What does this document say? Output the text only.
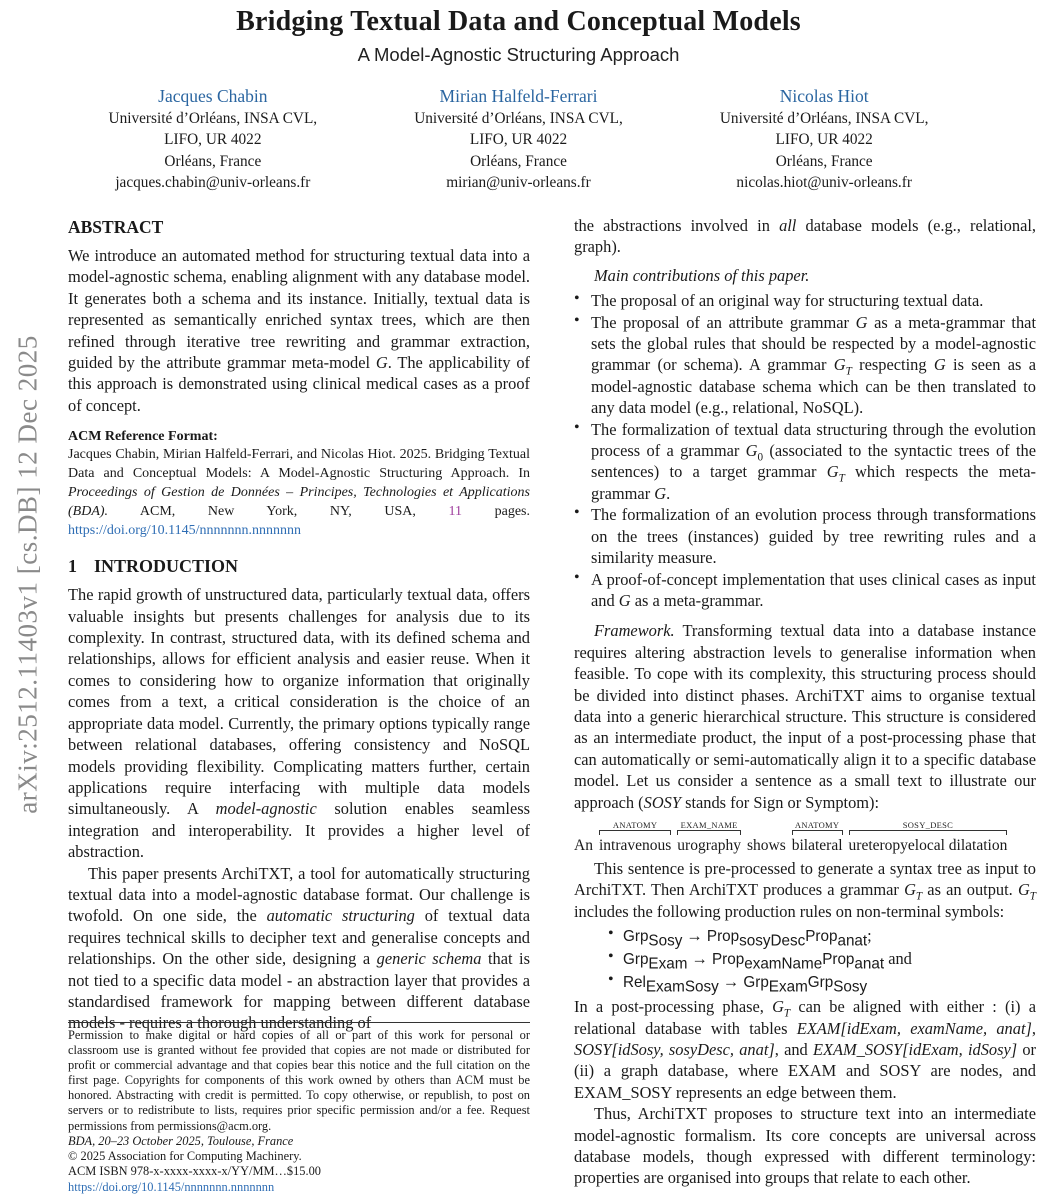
arXiv:2512.11403v1 [cs.DB] 12 Dec 2025
Bridging Textual Data and Conceptual Models
A Model-Agnostic Structuring Approach
Jacques Chabin
Université d’Orléans, INSA CVL,
LIFO, UR 4022
Orléans, France
jacques.chabin@univ-orleans.fr
Mirian Halfeld-Ferrari
Université d’Orléans, INSA CVL,
LIFO, UR 4022
Orléans, France
mirian@univ-orleans.fr
Nicolas Hiot
Université d’Orléans, INSA CVL,
LIFO, UR 4022
Orléans, France
nicolas.hiot@univ-orleans.fr
ABSTRACT
We introduce an automated method for structuring textual data into a model-agnostic schema, enabling alignment with any database model. It generates both a schema and its instance. Initially, textual data is represented as semantically enriched syntax trees, which are then refined through iterative tree rewriting and grammar extraction, guided by the attribute grammar meta-model G. The applicability of this approach is demonstrated using clinical medical cases as a proof of concept.
ACM Reference Format:
Jacques Chabin, Mirian Halfeld-Ferrari, and Nicolas Hiot. 2025. Bridging Textual Data and Conceptual Models: A Model-Agnostic Structuring Approach. In Proceedings of Gestion de Données – Principes, Technologies et Applications (BDA). ACM, New York, NY, USA, 11 pages. https://doi.org/10.1145/nnnnnnn.nnnnnnn
1 INTRODUCTION
The rapid growth of unstructured data, particularly textual data, offers valuable insights but presents challenges for analysis due to its complexity. In contrast, structured data, with its defined schema and relationships, allows for efficient analysis and easier reuse. When it comes to considering how to organize information that originally comes from a text, a critical consideration is the choice of an appropriate data model. Currently, the primary options typically range between relational databases, offering consistency and NoSQL models providing flexibility. Complicating matters further, certain applications require interfacing with multiple data models simultaneously. A model-agnostic solution enables seamless integration and interoperability. It provides a higher level of abstraction.
This paper presents ArchiTXT, a tool for automatically structuring textual data into a model-agnostic database format. Our challenge is twofold. On one side, the automatic structuring of textual data requires technical skills to decipher text and generalise concepts and relationships. On the other side, designing a generic schema that is not tied to a specific data model - an abstraction layer that provides a standardised framework for mapping between different database models - requires a thorough understanding of
Permission to make digital or hard copies of all or part of this work for personal or classroom use is granted without fee provided that copies are not made or distributed for profit or commercial advantage and that copies bear this notice and the full citation on the first page. Copyrights for components of this work owned by others than ACM must be honored. Abstracting with credit is permitted. To copy otherwise, or republish, to post on servers or to redistribute to lists, requires prior specific permission and/or a fee. Request permissions from permissions@acm.org.
BDA, 20–23 October 2025, Toulouse, France
© 2025 Association for Computing Machinery.
ACM ISBN 978-x-xxxx-xxxx-x/YY/MM…$15.00
https://doi.org/10.1145/nnnnnnn.nnnnnnn
the abstractions involved in all database models (e.g., relational, graph).
Main contributions of this paper.
• The proposal of an original way for structuring textual data.
• The proposal of an attribute grammar G as a meta-grammar that sets the global rules that should be respected by a model-agnostic grammar (or schema). A grammar $G_T$ respecting G is seen as a model-agnostic database schema which can be then translated to any data model (e.g., relational, NoSQL).
• The formalization of textual data structuring through the evolution process of a grammar $G_0$ (associated to the syntactic trees of the sentences) to a target grammar $G_T$ which respects the meta-grammar G.
• The formalization of an evolution process through transformations on the trees (instances) guided by tree rewriting rules and a similarity measure.
• A proof-of-concept implementation that uses clinical cases as input and G as a meta-grammar.
Framework. Transforming textual data into a database instance requires altering abstraction levels to generalise information when feasible. To cope with its complexity, this structuring process should be divided into distinct phases. ArchiTXT aims to organise textual data into a generic hierarchical structure. This structure is considered as an intermediate product, the input of a post-processing phase that can automatically or semi-automatically align it to a specific database model. Let us consider a sentence as a small text to illustrate our approach (SOSY stands for Sign or Symptom):
An
ANATOMY
intravenous
EXAM_NAME
urography shows
ANATOMY
bilateral
SOSY_DESC
ureteropyelocal dilatation
This sentence is pre-processed to generate a syntax tree as input to ArchiTXT. Then ArchiTXT produces a grammar $G_T$ as an output. $G_T$ includes the following production rules on non-terminal symbols:
• Grp$_{Sosy}$ → Prop$_{sosyDesc}$Prop$_{anat}$;
• Grp$_{Exam}$ → Prop$_{examName}$Prop$_{anat}$ and
• Rel$_{ExamSosy}$ → Grp$_{Exam}$Grp$_{Sosy}$
In a post-processing phase, $G_T$ can be aligned with either : (i) a relational database with tables EXAM[idExam, examName, anat], SOSY[idSosy, sosyDesc, anat], and EXAM_SOSY[idExam, idSosy] or (ii) a graph database, where EXAM and SOSY are nodes, and EXAM_SOSY represents an edge between them.
Thus, ArchiTXT proposes to structure text into an intermediate model-agnostic formalism. Its core concepts are universal across database models, though expressed with different terminology: properties are organised into groups that relate to each other.
